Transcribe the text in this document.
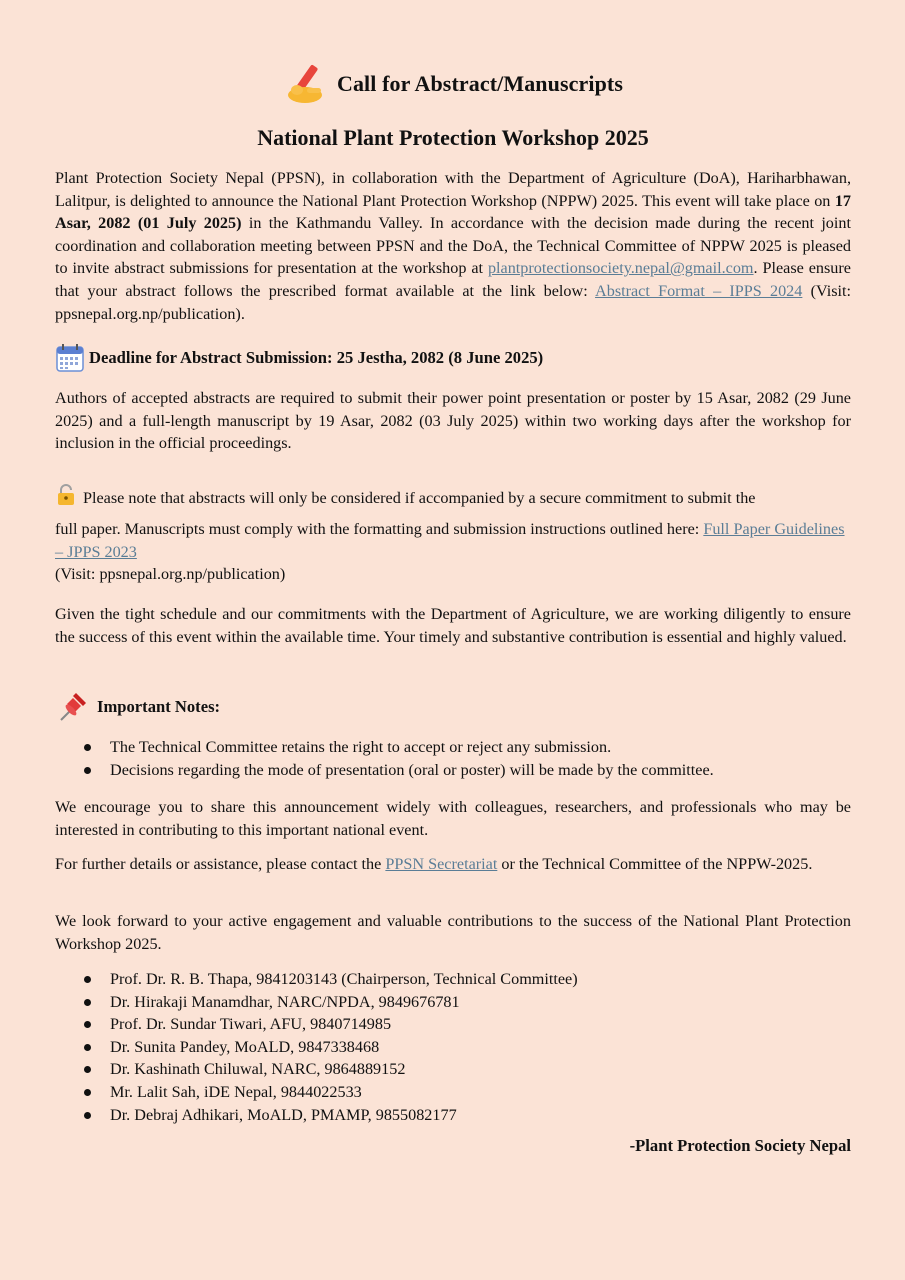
Call for Abstract/Manuscripts
National Plant Protection Workshop 2025

Plant Protection Society Nepal (PPSN), in collaboration with the Department of Agriculture (DoA), Hariharbhawan, Lalitpur, is delighted to announce the National Plant Protection Workshop (NPPW) 2025. This event will take place on 17 Asar, 2082 (01 July 2025) in the Kathmandu Valley. In accordance with the decision made during the recent joint coordination and collaboration meeting between PPSN and the DoA, the Technical Committee of NPPW 2025 is pleased to invite abstract submissions for presentation at the workshop at plantprotectionsociety.nepal@gmail.com. Please ensure that your abstract follows the prescribed format available at the link below: Abstract Format – IPPS 2024 (Visit: ppsnepal.org.np/publication).

Deadline for Abstract Submission: 25 Jestha, 2082 (8 June 2025)

Authors of accepted abstracts are required to submit their power point presentation or poster by 15 Asar, 2082 (29 June 2025) and a full-length manuscript by 19 Asar, 2082 (03 July 2025) within two working days after the workshop for inclusion in the official proceedings.

Please note that abstracts will only be considered if accompanied by a secure commitment to submit the

full paper. Manuscripts must comply with the formatting and submission instructions outlined here: Full Paper Guidelines – JPPS 2023
(Visit: ppsnepal.org.np/publication)

Given the tight schedule and our commitments with the Department of Agriculture, we are working diligently to ensure the success of this event within the available time. Your timely and substantive contribution is essential and highly valued.

Important Notes:
The Technical Committee retains the right to accept or reject any submission.
Decisions regarding the mode of presentation (oral or poster) will be made by the committee.

We encourage you to share this announcement widely with colleagues, researchers, and professionals who may be interested in contributing to this important national event.

For further details or assistance, please contact the PPSN Secretariat or the Technical Committee of the NPPW-2025.

We look forward to your active engagement and valuable contributions to the success of the National Plant Protection Workshop 2025.

Prof. Dr. R. B. Thapa, 9841203143 (Chairperson, Technical Committee)
Dr. Hirakaji Manamdhar, NARC/NPDA, 9849676781
Prof. Dr. Sundar Tiwari, AFU, 9840714985
Dr. Sunita Pandey, MoALD, 9847338468
Dr. Kashinath Chiluwal, NARC, 9864889152
Mr. Lalit Sah, iDE Nepal, 9844022533
Dr. Debraj Adhikari, MoALD, PMAMP, 9855082177
-Plant Protection Society Nepal
